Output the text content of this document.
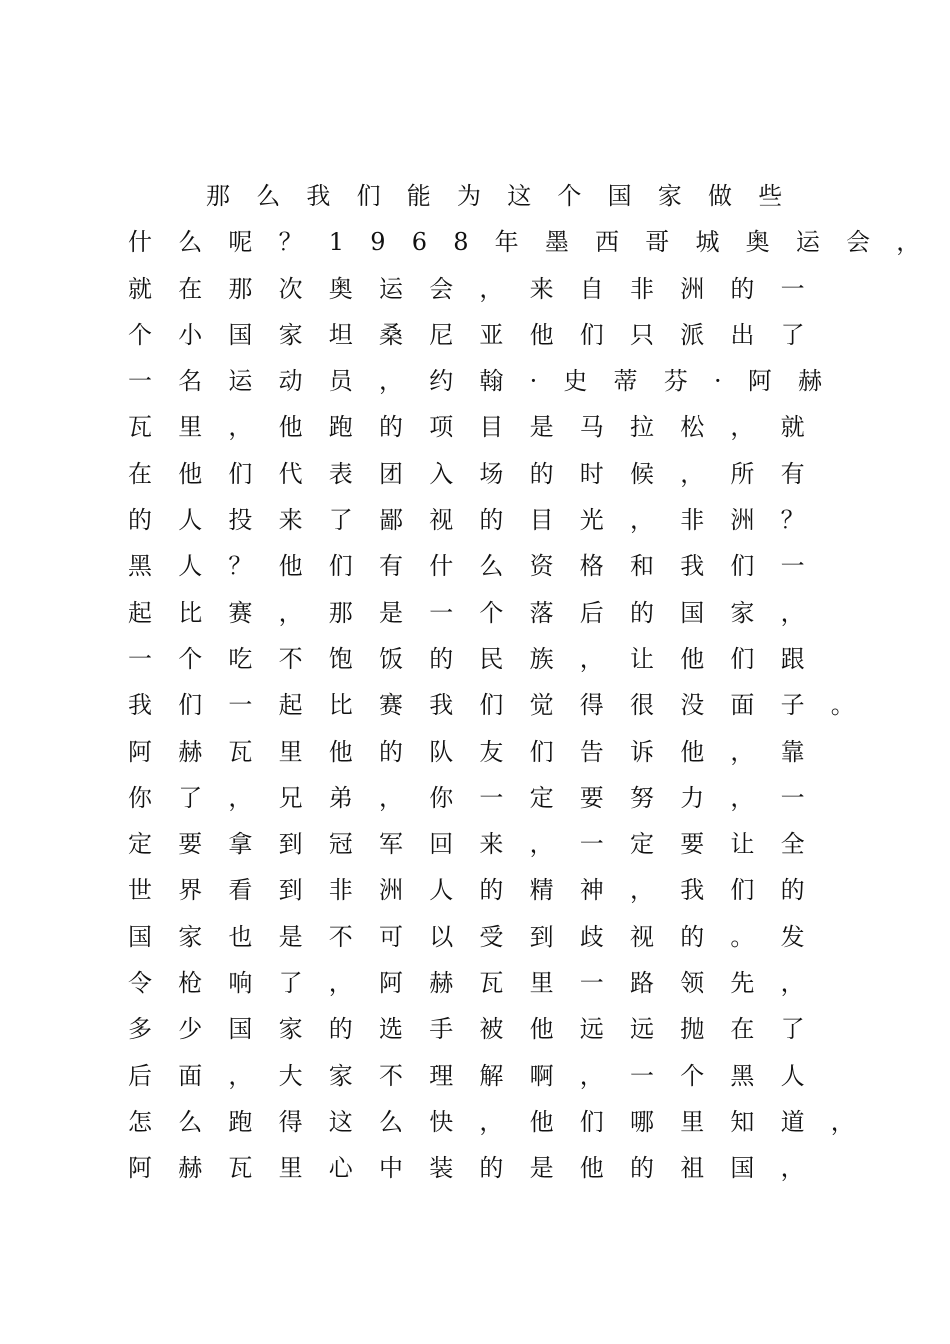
那么我们能为这个国家做些
什么呢？1968年墨西哥城奥运会，
就在那次奥运会，来自非洲的一
个小国家坦桑尼亚他们只派出了
一名运动员，约翰·史蒂芬·阿赫
瓦里，他跑的项目是马拉松，就
在他们代表团入场的时候，所有
的人投来了鄙视的目光，非洲？
黑人？他们有什么资格和我们一
起比赛，那是一个落后的国家，
一个吃不饱饭的民族，让他们跟
我们一起比赛我们觉得很没面子。
阿赫瓦里他的队友们告诉他，靠
你了，兄弟，你一定要努力，一
定要拿到冠军回来，一定要让全
世界看到非洲人的精神，我们的
国家也是不可以受到歧视的。发
令枪响了，阿赫瓦里一路领先，
多少国家的选手被他远远抛在了
后面，大家不理解啊，一个黑人
怎么跑得这么快，他们哪里知道，
阿赫瓦里心中装的是他的祖国，
